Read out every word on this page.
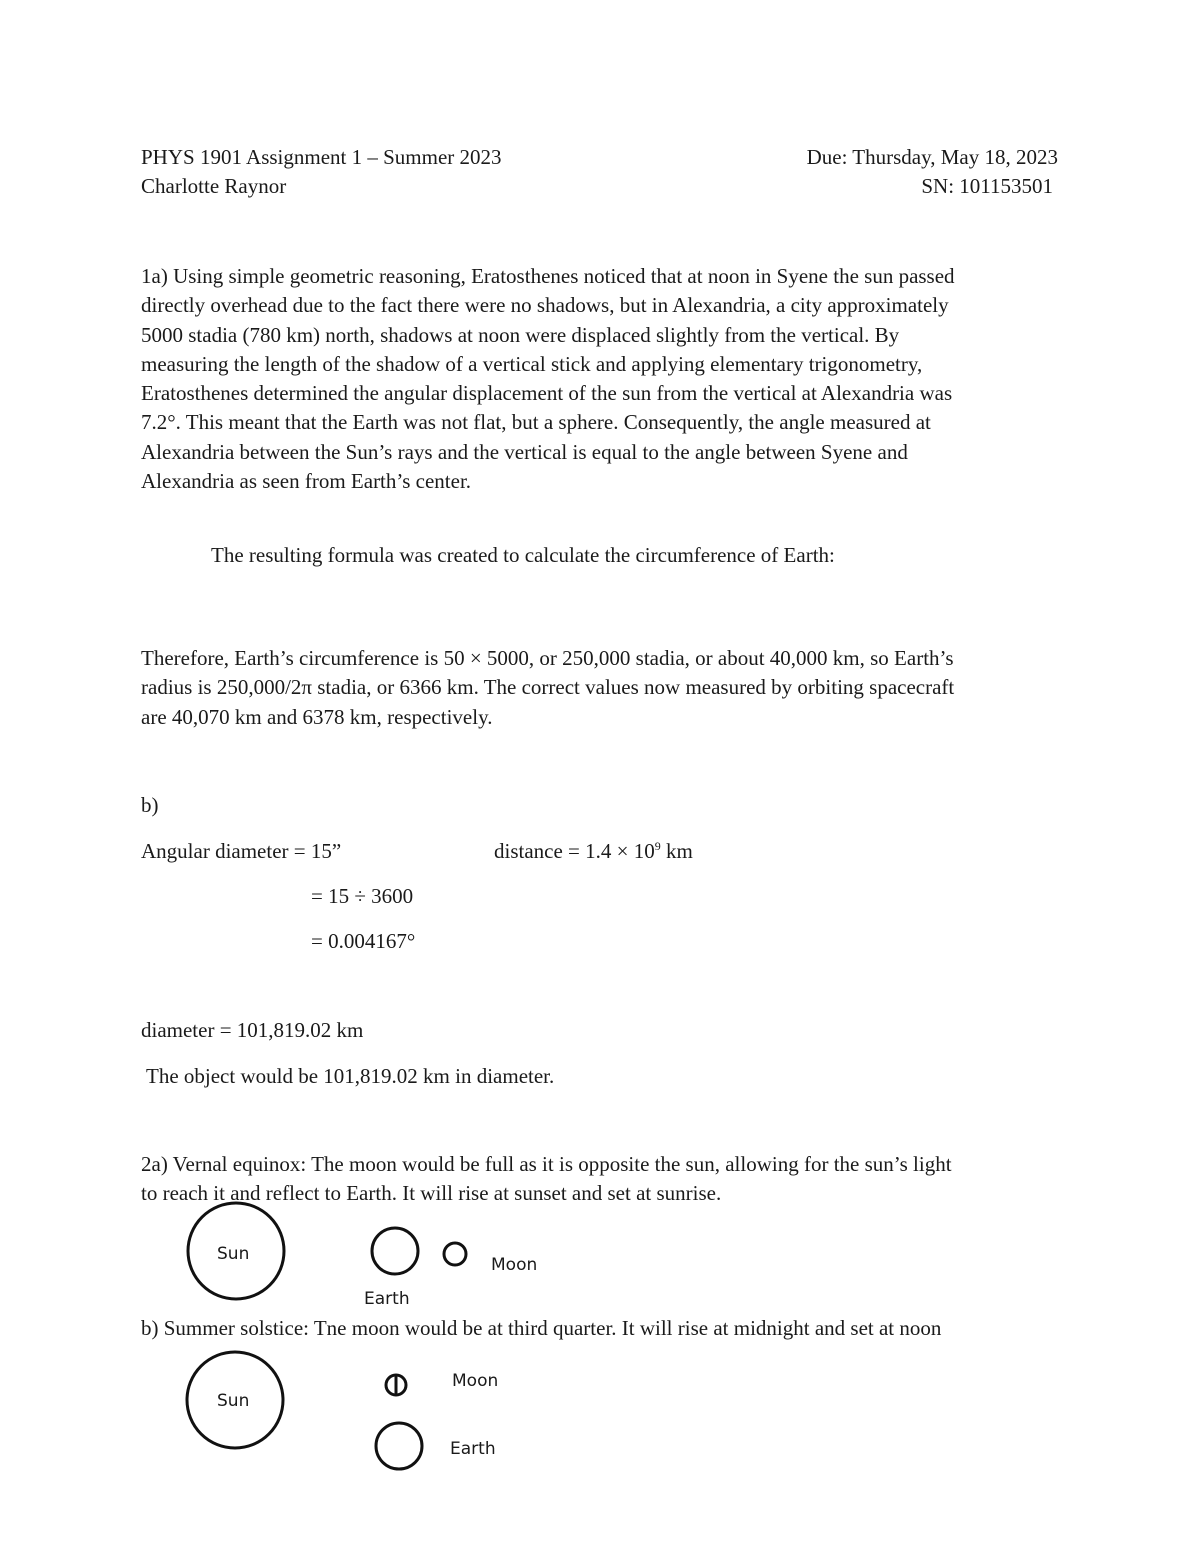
PHYS 1901 Assignment 1 – Summer 2023	Due: Thursday, May 18, 2023
Charlotte Raynor	SN: 101153501
1a) Using simple geometric reasoning, Eratosthenes noticed that at noon in Syene the sun passed
directly overhead due to the fact there were no shadows, but in Alexandria, a city approximately
5000 stadia (780 km) north, shadows at noon were displaced slightly from the vertical. By
measuring the length of the shadow of a vertical stick and applying elementary trigonometry,
Eratosthenes determined the angular displacement of the sun from the vertical at Alexandria was
7.2°. This meant that the Earth was not flat, but a sphere. Consequently, the angle measured at
Alexandria between the Sun’s rays and the vertical is equal to the angle between Syene and
Alexandria as seen from Earth’s center.
The resulting formula was created to calculate the circumference of Earth:
Therefore, Earth’s circumference is 50 × 5000, or 250,000 stadia, or about 40,000 km, so Earth’s
radius is 250,000/2π stadia, or 6366 km. The correct values now measured by orbiting spacecraft
are 40,070 km and 6378 km, respectively.
b)
Angular diameter = 15”	distance = $1.4 \times 10^9$ km
= 15 ÷ 3600
= 0.004167°
diameter = 101,819.02 km
The object would be 101,819.02 km in diameter.
2a) Vernal equinox: The moon would be full as it is opposite the sun, allowing for the sun’s light
to reach it and reflect to Earth. It will rise at sunset and set at sunrise.
b) Summer solstice: Tne moon would be at third quarter. It will rise at midnight and set at noon
Sun
Moon
Earth
Sun
Moon
Earth
